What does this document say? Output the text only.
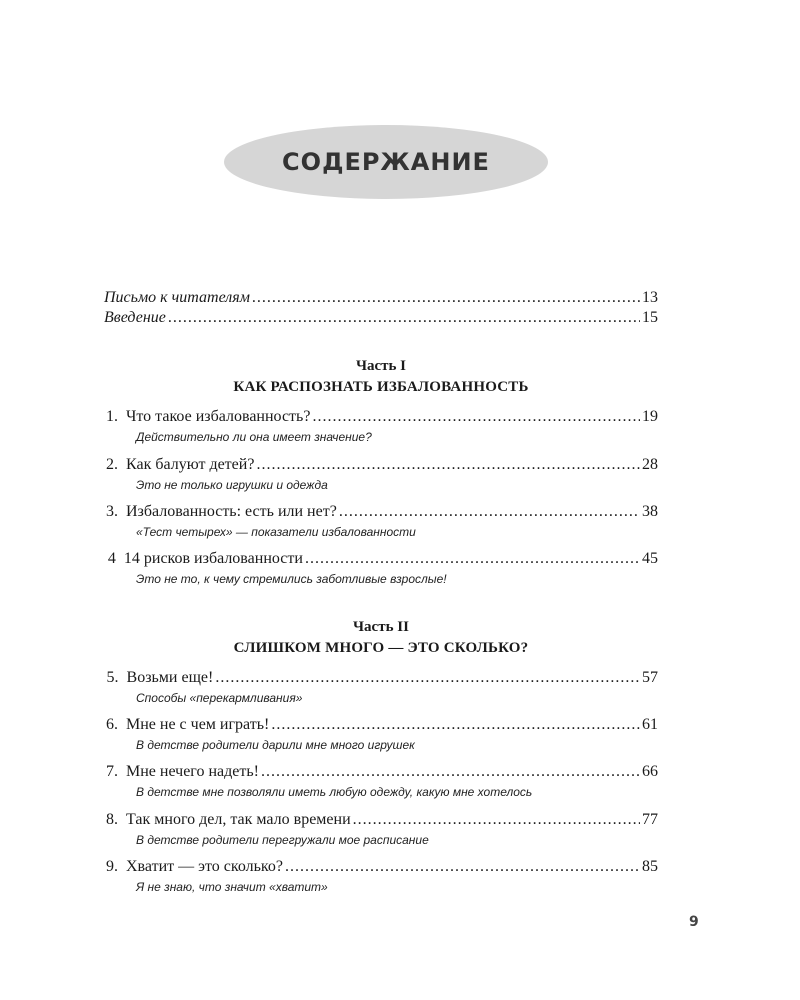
СОДЕРЖАНИЕ
Письмо к читателям .....	13
Введение .....	15
Часть I
КАК РАСПОЗНАТЬ ИЗБАЛОВАННОСТЬ
1. Что такое избалованность? .....	19
Действительно ли она имеет значение?
2. Как балуют детей? .....	28
Это не только игрушки и одежда
3. Избалованность: есть или нет? .....	38
«Тест четырех» — показатели избалованности
4 14 рисков избалованности .....	45
Это не то, к чему стремились заботливые взрослые!
Часть II
СЛИШКОМ МНОГО — ЭТО СКОЛЬКО?
5. Возьми еще! .....	57
Способы «перекармливания»
6. Мне не с чем играть! .....	61
В детстве родители дарили мне много игрушек
7. Мне нечего надеть! .....	66
В детстве мне позволяли иметь любую одежду, какую мне хотелось
8. Так много дел, так мало времени .....	77
В детстве родители перегружали мое расписание
9. Хватит — это сколько? .....	85
Я не знаю, что значит «хватит»
9
